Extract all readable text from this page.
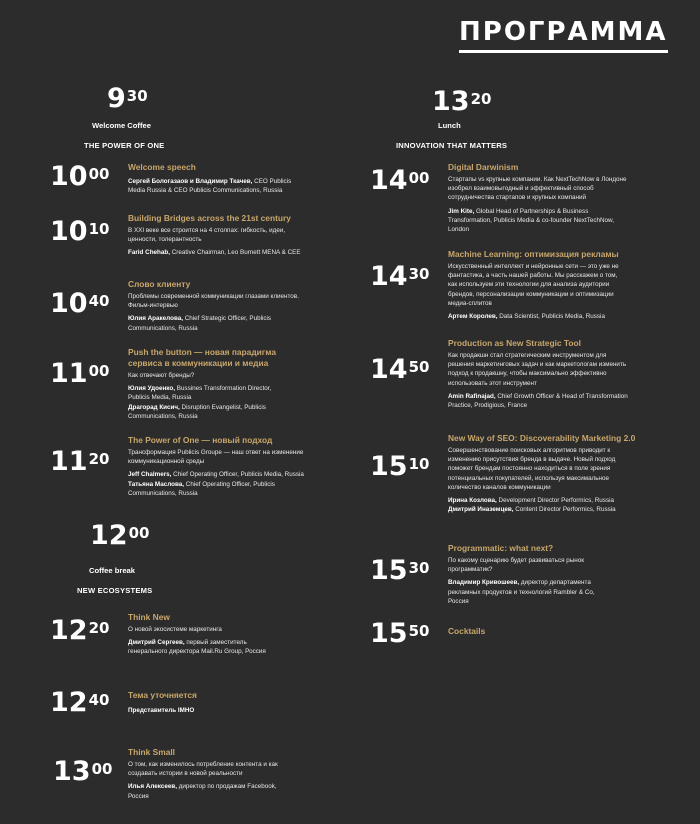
ПРОГРАММА
$9^{30}$
Welcome Coffee
THE POWER OF ONE
$10^{00}$ Welcome speech
Сергей Бологазаов и Владимир Ткачев, CEO Publicis Media Russia & CEO Publicis Communications, Russia
$10^{10}$
Building Bridges across the 21st century
В XXI веке все строится на 4 столпах: гибкость, идеи, ценности, толерантность
Farid Chehab, Creative Chairman, Leo Burnett MENA & CEE
$10^{40}$
Слово клиенту
Проблемы современной коммуникации глазами клиентов.
Фильм-интервью
Юлия Аракелова, Chief Strategic Officer, Publicis Communications, Russia
$11^{00}$
Push the button — новая парадигма сервиса в коммуникации и медиа
Как отвечают бренды?
Юлия Удоенко, Bussines Transformation Director, Publicis Media, Russia
Драгорад Кисич, Disruption Evangelist, Publicis Communications, Russia
$11^{20}$
The Power of One — новый подход
Трансформация Publicis Groupe — наш ответ на изменение коммуникационной среды
Jeff Chalmers, Chief Operating Officer, Publicis Media, Russia
Татьяна Маслова, Chief Operating Officer, Publicis Communications, Russia
$12^{00}$
Coffee break
NEW ECOSYSTEMS
$12^{20}$
Think New
О новой экосистеме маркетинга
Дмитрий Сергеев, первый заместитель генерального директора Mail.Ru Group, Россия
$12^{40}$ Тема уточняется
Представитель IMHO
$13^{00}$
Think Small
О том, как изменилось потребление контента и как создавать истории в новой реальности
Илья Алексеев, директор по продажам Facebook, Россия
$13^{20}$
Lunch
INNOVATION THAT MATTERS
$14^{00}$
Digital Darwinism
Стартапы vs крупные компании. Как NextTechNow в Лондоне изобрел взаимовыгодный и эффективный способ сотрудничества стартапов и крупных компаний
Jim Kite, Global Head of Partnerships & Business Transformation, Publicis Media & co-founder NextTechNow, London
$14^{30}$
Machine Learning: оптимизация рекламы
Искусственный интеллект и нейронные сети — это уже не фантастика, а часть нашей работы. Мы расскажем о том, как используем эти технологии для анализа аудитории брендов, персонализации коммуникации и оптимизации медиа-сплитов
Артем Королев, Data Scientist, Publicis Media, Russia
$14^{50}$
Production as New Strategic Tool
Как продакшн стал стратегическим инструментом для решения маркетинговых задач и как маркетологам изменить подход к продакшну, чтобы максимально эффективно использовать этот инструмент
Amin Rafinajad, Chief Growth Officer & Head of Transformation Practice, Prodigious, France
$15^{10}$
New Way of SEO: Discoverability Marketing 2.0
Совершенствование поисковых алгоритмов приводит к изменению присутствия бренда в выдаче. Новый подход поможет брендам постоянно находиться в поле зрения потенциальных покупателей, используя максимальное количество каналов коммуникации
Ирина Козлова, Development Director Performics, Russia
Дмитрий Иназемцев, Content Director Performics, Russia
$15^{30}$
Programmatic: what next?
По какому сценарию будет развиваться рынок программатик?
Владимир Кривошеев, директор департамента рекламных продуктов и технологий Rambler & Co, Россия
$15^{50}$ Cocktails
